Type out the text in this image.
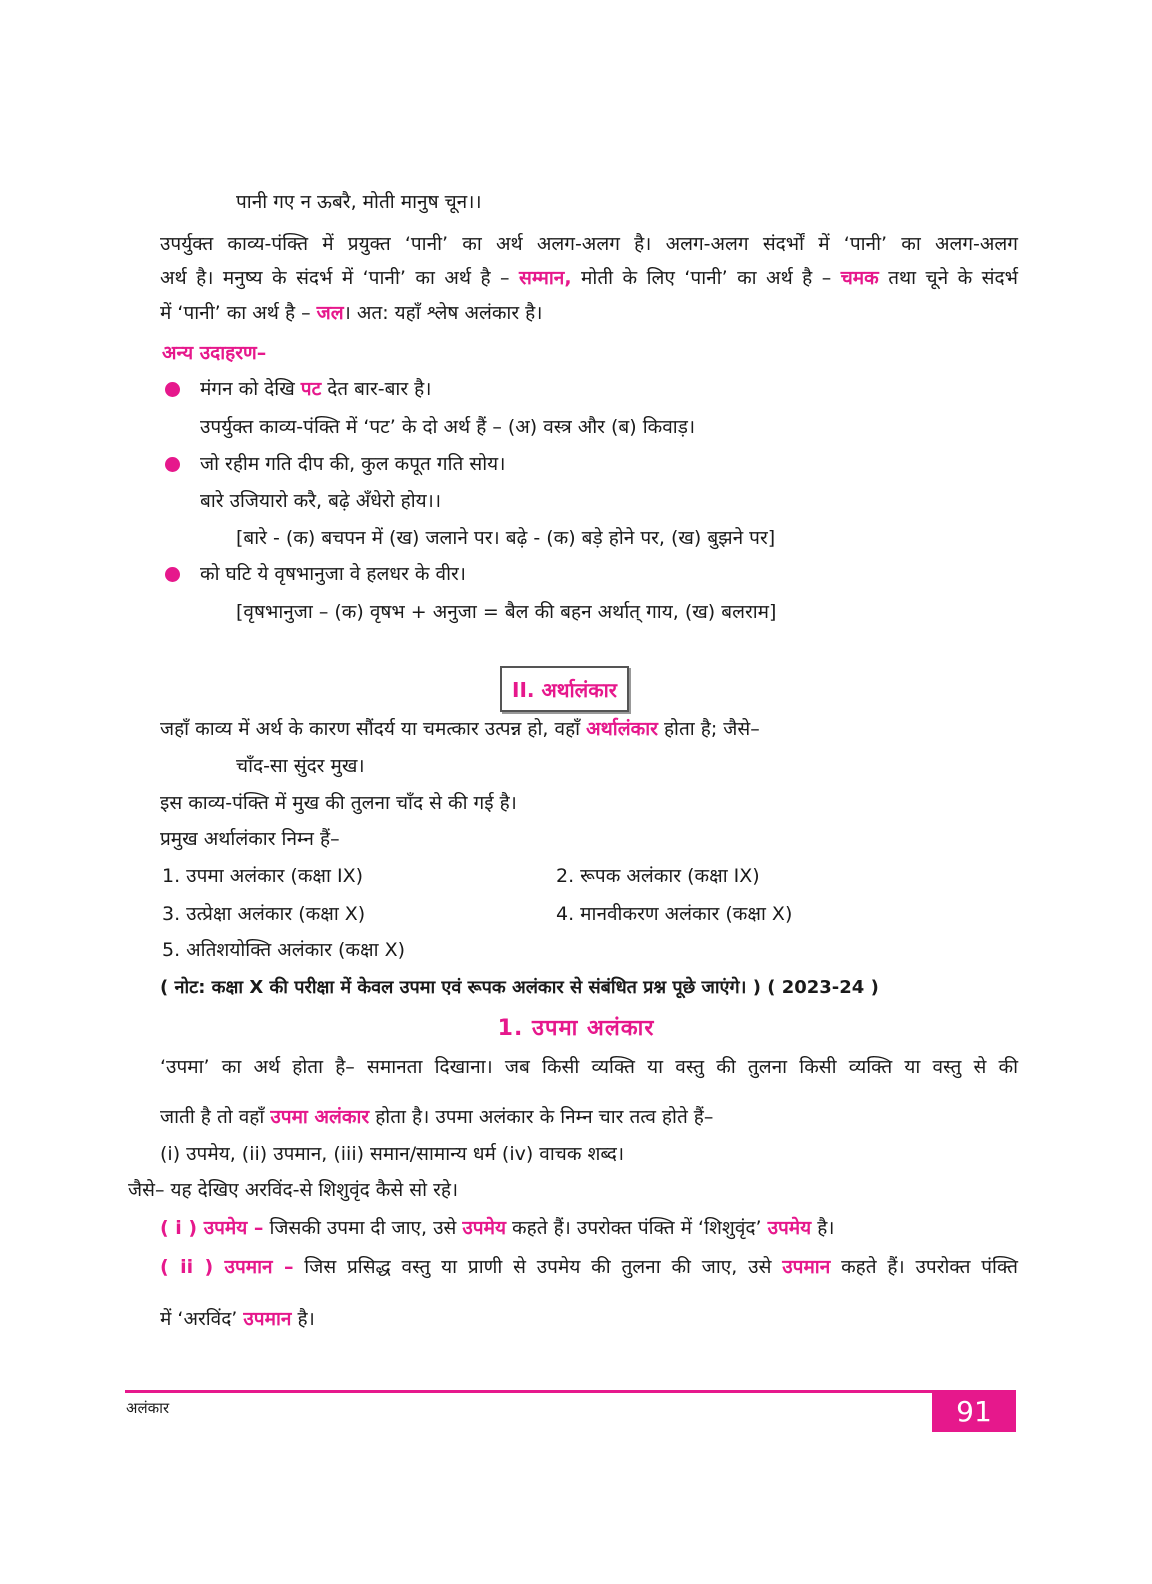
पानी गए न ऊबरै, मोती मानुष चून।।
उपर्युक्त काव्य-पंक्ति में प्रयुक्त ‘पानी’ का अर्थ अलग-अलग है। अलग-अलग संदर्भों में ‘पानी’ का अलग-अलग
अर्थ है। मनुष्य के संदर्भ में ‘पानी’ का अर्थ है – सम्मान, मोती के लिए ‘पानी’ का अर्थ है – चमक तथा चूने के संदर्भ
में ‘पानी’ का अर्थ है – जल। अत: यहाँ श्लेष अलंकार है।
अन्य उदाहरण–
मंगन को देखि पट देत बार-बार है।
उपर्युक्त काव्य-पंक्ति में ‘पट’ के दो अर्थ हैं – (अ) वस्त्र और (ब) किवाड़।
जो रहीम गति दीप की, कुल कपूत गति सोय।
बारे उजियारो करै, बढ़े अँधेरो होय।।
[बारे - (क) बचपन में (ख) जलाने पर। बढ़े - (क) बड़े होने पर, (ख) बुझने पर]
को घटि ये वृषभानुजा वे हलधर के वीर।
[वृषभानुजा – (क) वृषभ + अनुजा = बैल की बहन अर्थात् गाय, (ख) बलराम]
II. अर्थालंकार
जहाँ काव्य में अर्थ के कारण सौंदर्य या चमत्कार उत्पन्न हो, वहाँ अर्थालंकार होता है; जैसे–
चाँद-सा सुंदर मुख।
इस काव्य-पंक्ति में मुख की तुलना चाँद से की गई है।
प्रमुख अर्थालंकार निम्न हैं–
1. उपमा अलंकार (कक्षा IX)	2. रूपक अलंकार (कक्षा IX)
3. उत्प्रेक्षा अलंकार (कक्षा X)	4. मानवीकरण अलंकार (कक्षा X)
5. अतिशयोक्ति अलंकार (कक्षा X)
( नोट: कक्षा X की परीक्षा में केवल उपमा एवं रूपक अलंकार से संबंधित प्रश्न पूछे जाएंगे। ) ( 2023-24 )
1. उपमा अलंकार
‘उपमा’ का अर्थ होता है– समानता दिखाना। जब किसी व्यक्ति या वस्तु की तुलना किसी व्यक्ति या वस्तु से की
जाती है तो वहाँ उपमा अलंकार होता है। उपमा अलंकार के निम्न चार तत्व होते हैं–
(i) उपमेय, (ii) उपमान, (iii) समान/सामान्य धर्म (iv) वाचक शब्द।
जैसे– यह देखिए अरविंद-से शिशुवृंद कैसे सो रहे।
( i ) उपमेय – जिसकी उपमा दी जाए, उसे उपमेय कहते हैं। उपरोक्त पंक्ति में ‘शिशुवृंद’ उपमेय है।
( ii ) उपमान – जिस प्रसिद्ध वस्तु या प्राणी से उपमेय की तुलना की जाए, उसे उपमान कहते हैं। उपरोक्त पंक्ति
में ‘अरविंद’ उपमान है।
अलंकार	91
